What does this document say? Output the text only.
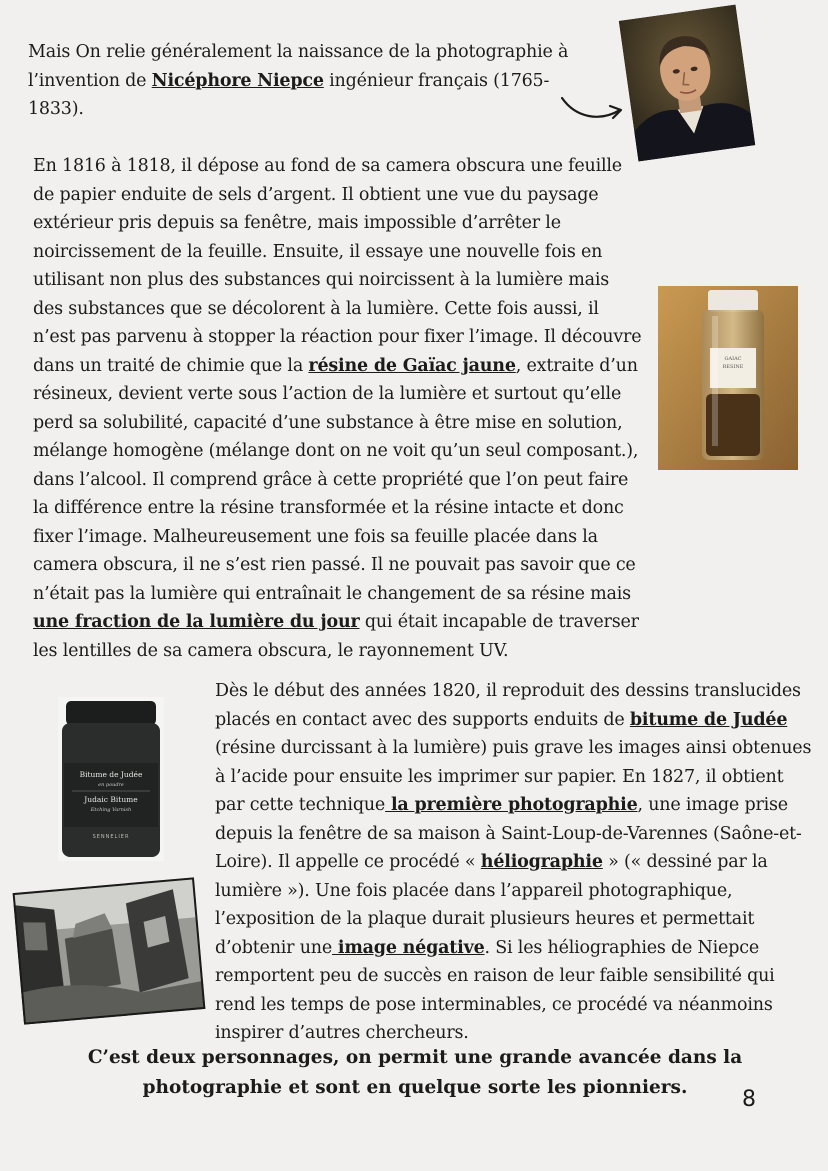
Mais On relie généralement la naissance de la photographie à l’invention de Nicéphore Niepce ingénieur français (1765-1833).
En 1816 à 1818, il dépose au fond de sa camera obscura une feuille de papier enduite de sels d’argent. Il obtient une vue du paysage extérieur pris depuis sa fenêtre, mais impossible d’arrêter le noircissement de la feuille. Ensuite, il essaye une nouvelle fois en utilisant non plus des substances qui noircissent à la lumière mais des substances que se décolorent à la lumière. Cette fois aussi, il n’est pas parvenu à stopper la réaction pour fixer l’image. Il découvre dans un traité de chimie que la résine de Gaïac jaune, extraite d’un résineux, devient verte sous l’action de la lumière et surtout qu’elle perd sa solubilité, capacité d’une substance à être mise en solution, mélange homogène (mélange dont on ne voit qu’un seul composant.), dans l’alcool. Il comprend grâce à cette propriété que l’on peut faire la différence entre la résine transformée et la résine intacte et donc fixer l’image. Malheureusement une fois sa feuille placée dans la camera obscura, il ne s’est rien passé. Il ne pouvait pas savoir que ce n’était pas la lumière qui entraînait le changement de sa résine mais une fraction de la lumière du jour qui était incapable de traverser les lentilles de sa camera obscura, le rayonnement UV.
GAIAC
RESINE
Bitume de Judée
en poudre
Judaic Bitume
Etching Varnish
SENNELIER
Dès le début des années 1820, il reproduit des dessins translucides placés en contact avec des supports enduits de bitume de Judée (résine durcissant à la lumière) puis grave les images ainsi obtenues à l’acide pour ensuite les imprimer sur papier. En 1827, il obtient par cette technique la première photographie, une image prise depuis la fenêtre de sa maison à Saint-Loup-de-Varennes (Saône-et-Loire). Il appelle ce procédé « héliographie » (« dessiné par la lumière »). Une fois placée dans l’appareil photographique, l’exposition de la plaque durait plusieurs heures et permettait d’obtenir une image négative. Si les héliographies de Niepce remportent peu de succès en raison de leur faible sensibilité qui rend les temps de pose interminables, ce procédé va néanmoins inspirer d’autres chercheurs.
C’est deux personnages, on permit une grande avancée dans la photographie et sont en quelque sorte les pionniers.	8
